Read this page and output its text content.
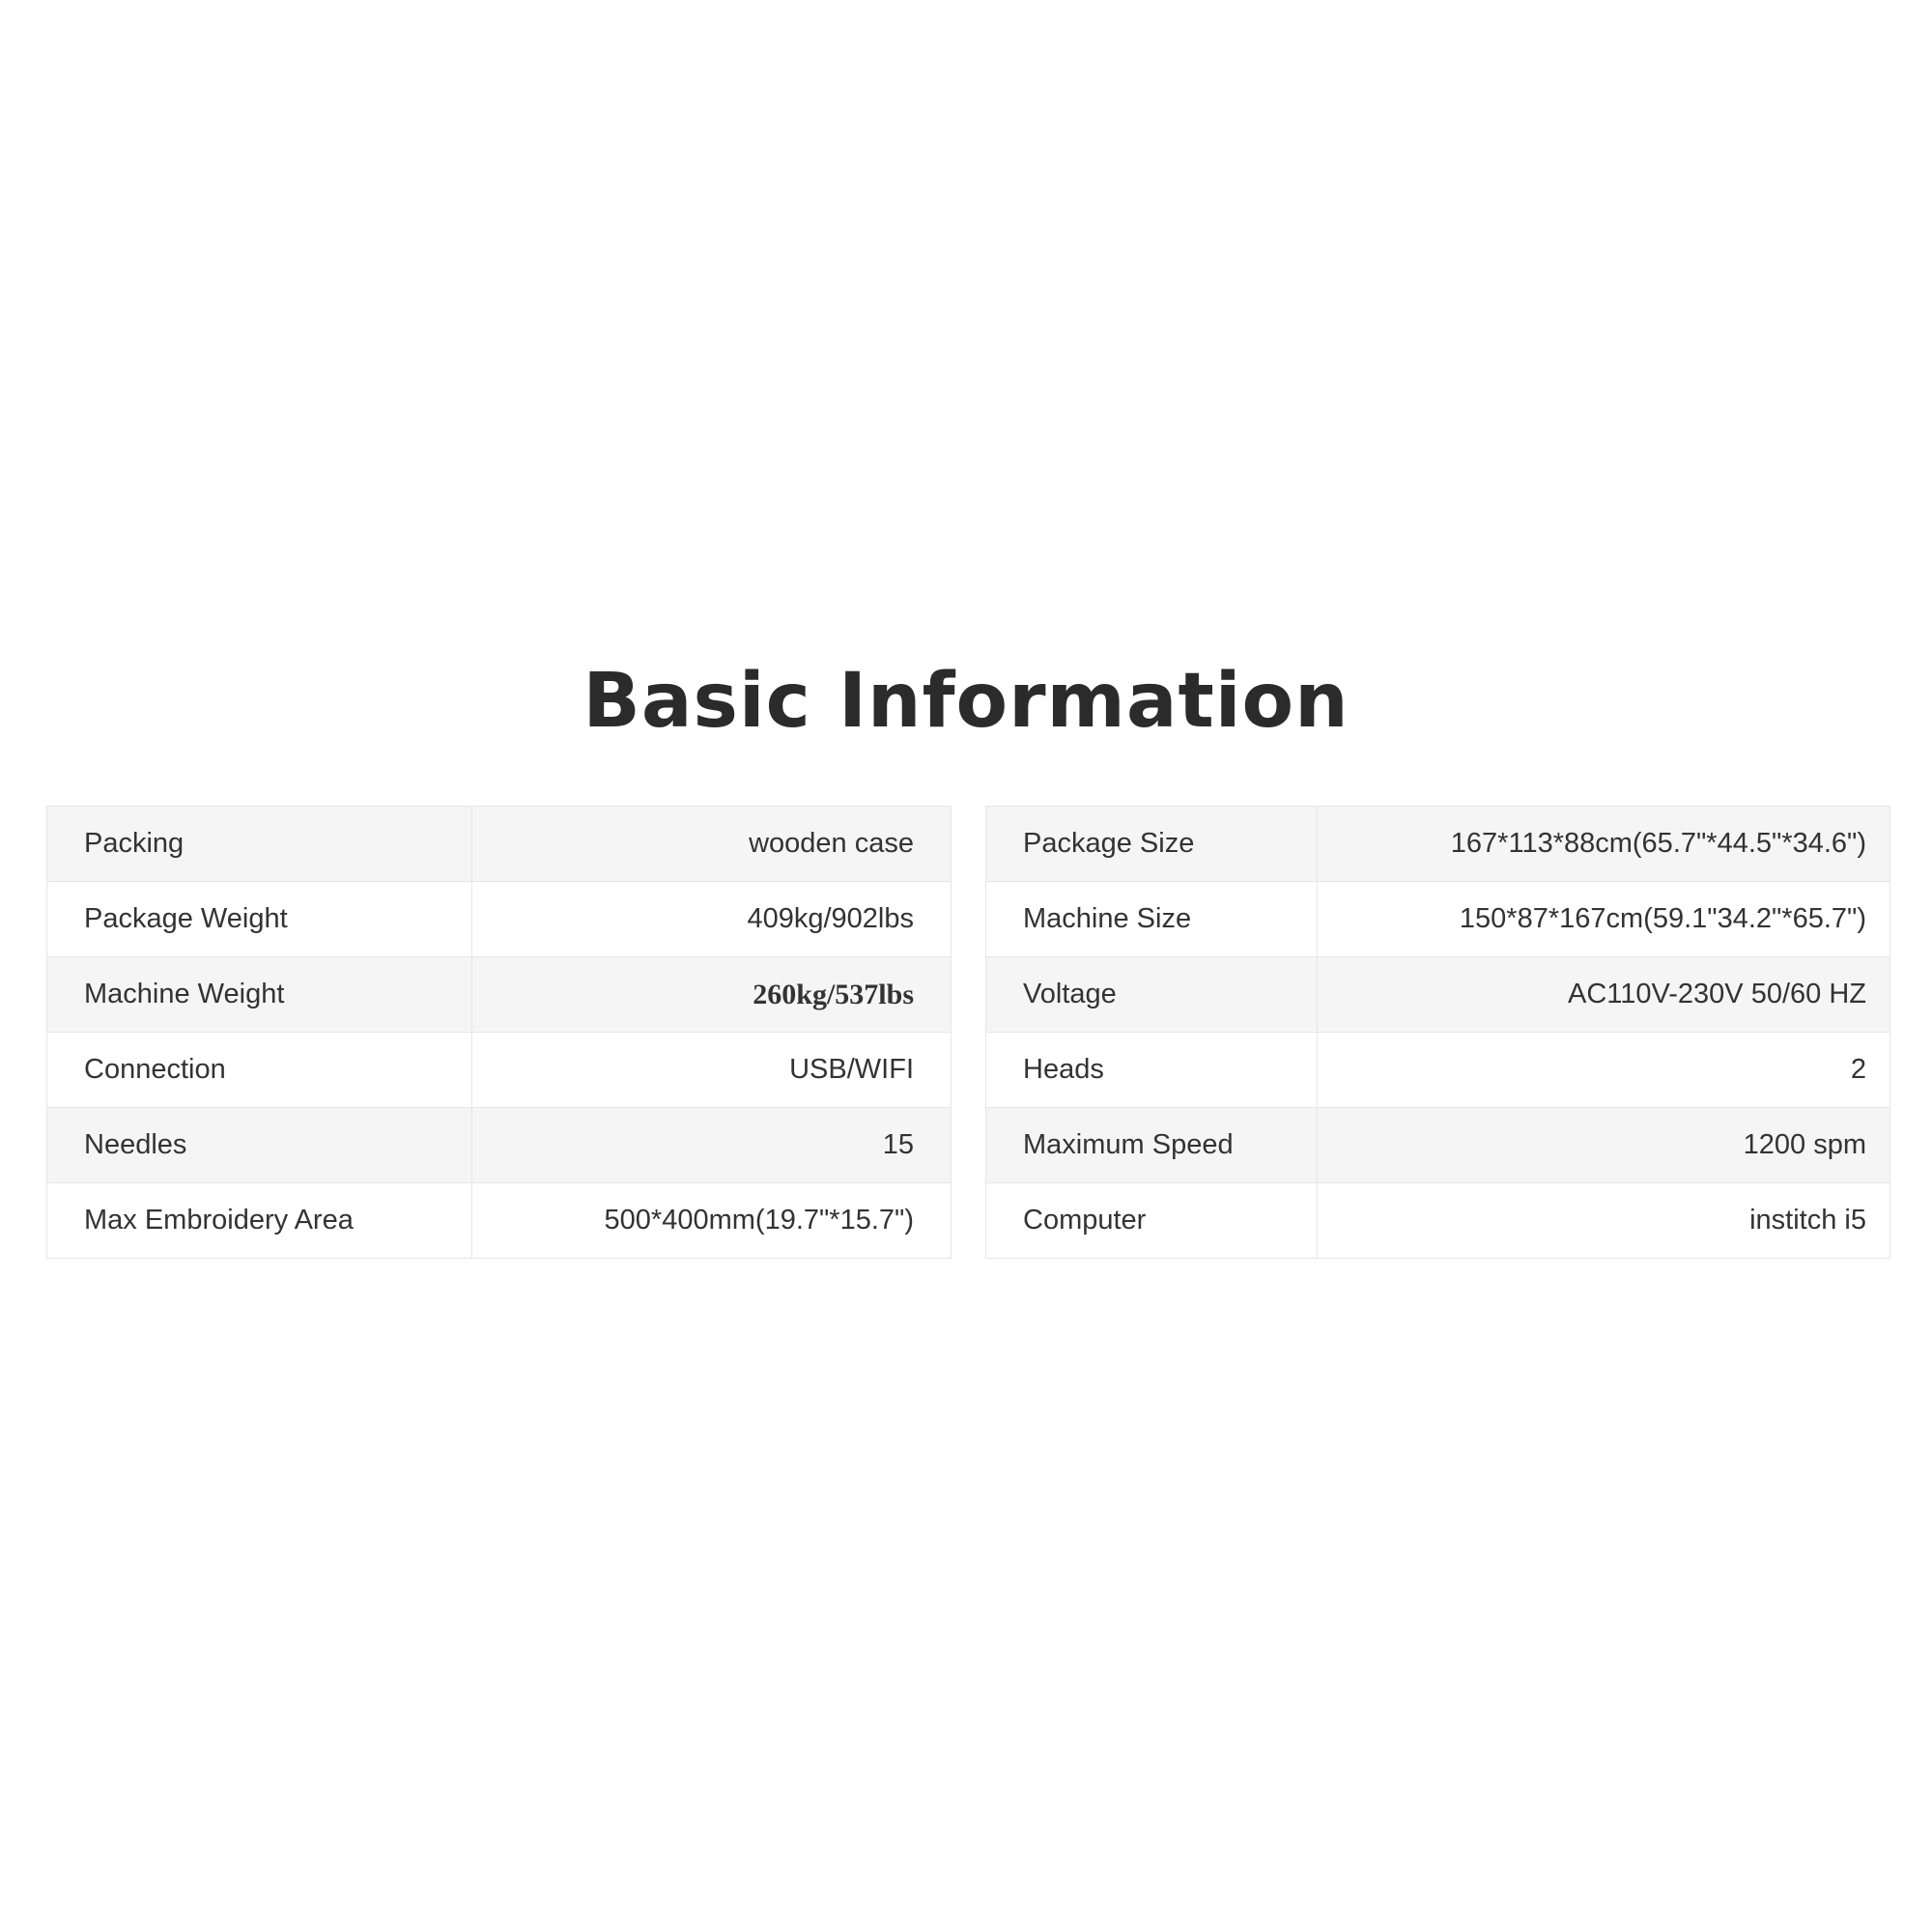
Basic Information
Packing	wooden case
Package Weight	409kg/902lbs
Machine Weight	260kg/537lbs
Connection	USB/WIFI
Needles	15
Max Embroidery Area	500*400mm(19.7"*15.7")
Package Size	167*113*88cm(65.7"*44.5"*34.6")
Machine Size	150*87*167cm(59.1"34.2"*65.7")
Voltage	AC110V-230V 50/60 HZ
Heads	2
Maximum Speed	1200 spm
Computer	institch i5
